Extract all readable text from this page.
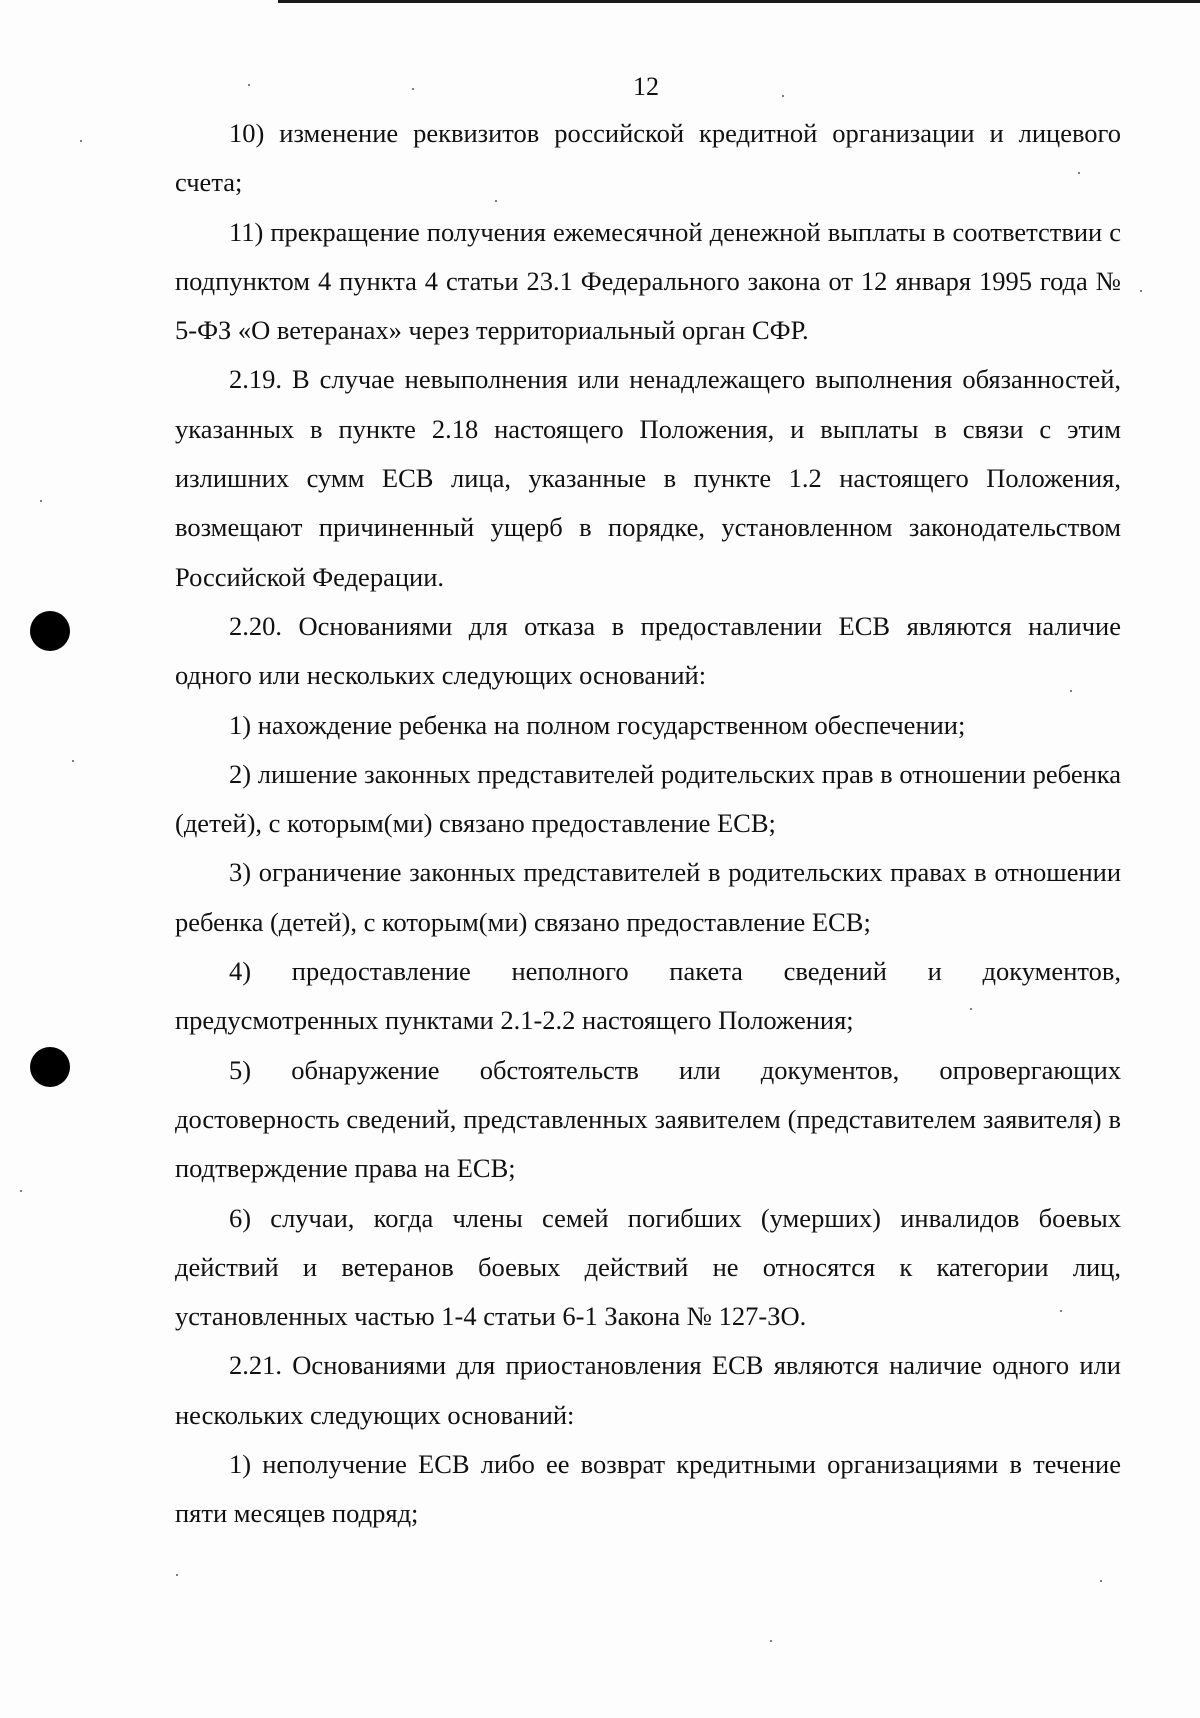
12

10) изменение реквизитов российской кредитной организации и лицевого счета;

11) прекращение получения ежемесячной денежной выплаты в соответствии с подпунктом 4 пункта 4 статьи 23.1 Федерального закона от 12 января 1995 года № 5-ФЗ «О ветеранах» через территориальный орган СФР.

2.19. В случае невыполнения или ненадлежащего выполнения обязанностей, указанных в пункте 2.18 настоящего Положения, и выплаты в связи с этим излишних сумм ЕСВ лица, указанные в пункте 1.2 настоящего Положения, возмещают причиненный ущерб в порядке, установленном законодательством Российской Федерации.

2.20. Основаниями для отказа в предоставлении ЕСВ являются наличие одного или нескольких следующих оснований:

1) нахождение ребенка на полном государственном обеспечении;

2) лишение законных представителей родительских прав в отношении ребенка (детей), с которым(ми) связано предоставление ЕСВ;

3) ограничение законных представителей в родительских правах в отношении ребенка (детей), с которым(ми) связано предоставление ЕСВ;

4) предоставление неполного пакета сведений и документов, предусмотренных пунктами 2.1-2.2 настоящего Положения;

5) обнаружение обстоятельств или документов, опровергающих достоверность сведений, представленных заявителем (представителем заявителя) в подтверждение права на ЕСВ;

6) случаи, когда члены семей погибших (умерших) инвалидов боевых действий и ветеранов боевых действий не относятся к категории лиц, установленных частью 1-4 статьи 6-1 Закона № 127-ЗО.

2.21. Основаниями для приостановления ЕСВ являются наличие одного или нескольких следующих оснований:

1) неполучение ЕСВ либо ее возврат кредитными организациями в течение пяти месяцев подряд;
